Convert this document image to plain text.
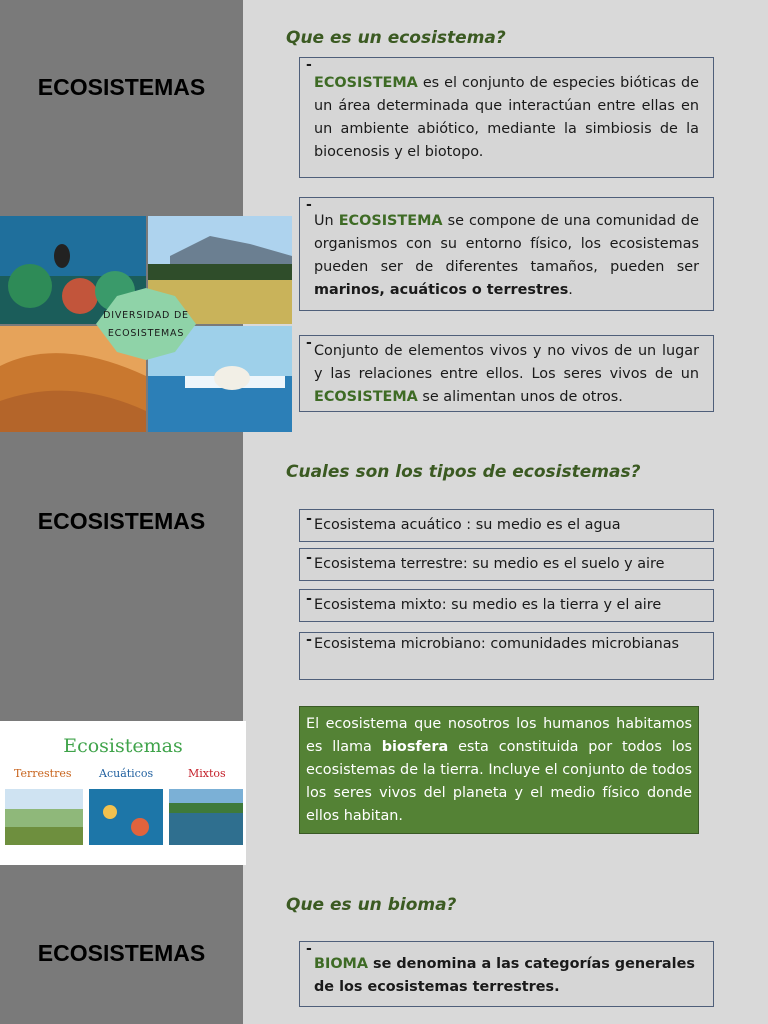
ECOSISTEMAS
ECOSISTEMAS
ECOSISTEMAS
DIVERSIDAD DE
ECOSISTEMAS
Ecosistemas
Terrestres	Acuáticos	Mixtos
Que es un ecosistema?
-

ECOSISTEMA es el conjunto de especies bióticas de un área determinada que interactúan entre ellas en un ambiente abiótico, mediante la simbiosis de la biocenosis y el biotopo.

-

Un ECOSISTEMA se compone de una comunidad de organismos con su entorno físico, los ecosistemas pueden ser de diferentes tamaños, pueden ser marinos, acuáticos o terrestres.

- Conjunto de elementos vivos y no vivos de un lugar y las relaciones entre ellos. Los seres vivos de un ECOSISTEMA se alimentan unos de otros.

Cuales son los tipos de ecosistemas?
- Ecosistema acuático : su medio es el agua
- Ecosistema terrestre: su medio es el suelo y aire
- Ecosistema mixto: su medio es la tierra y el aire
- Ecosistema microbiano: comunidades microbianas
El ecosistema que nosotros los humanos habitamos es llama biosfera esta constituida por todos los ecosistemas de la tierra. Incluye el conjunto de todos los seres vivos del planeta y el medio físico donde ellos habitan.
Que es un bioma?
-

BIOMA se denomina a las categorías generales de los ecosistemas terrestres.
